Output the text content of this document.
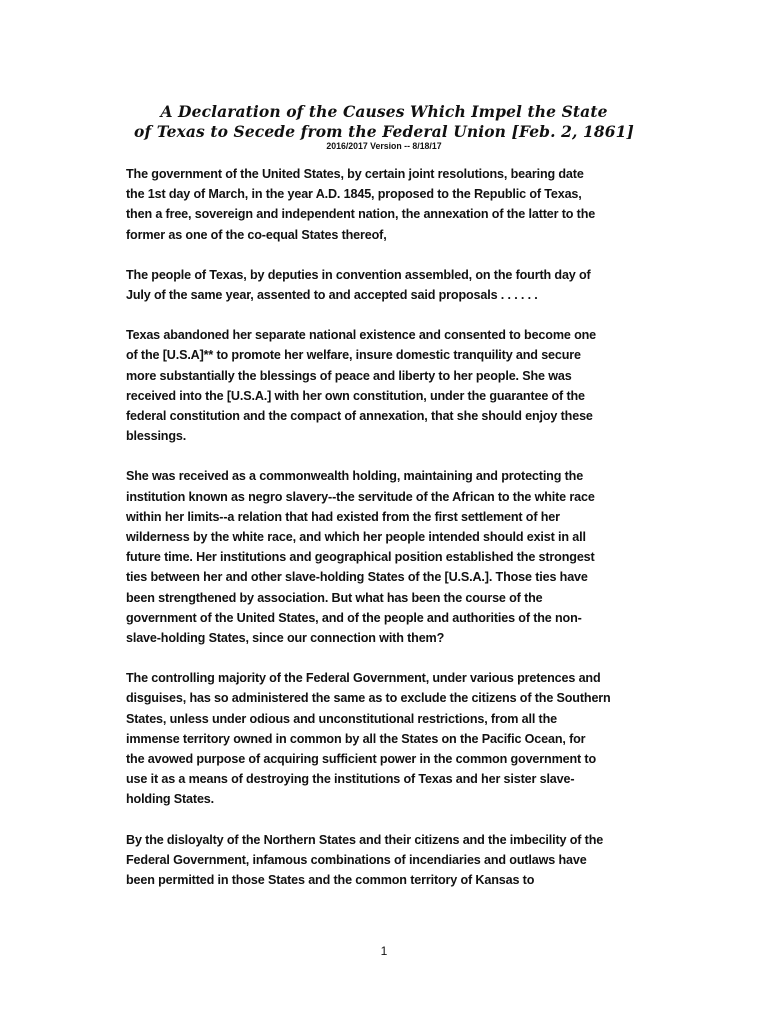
A Declaration of the Causes Which Impel the State
of Texas to Secede from the Federal Union [Feb. 2, 1861]
2016/2017 Version -- 8/18/17
The government of the United States, by certain joint resolutions, bearing date
the 1st day of March, in the year A.D. 1845, proposed to the Republic of Texas,
then a free, sovereign and independent nation, the annexation of the latter to the
former as one of the co-equal States thereof,
The people of Texas, by deputies in convention assembled, on the fourth day of
July of the same year, assented to and accepted said proposals . . . . . .
Texas abandoned her separate national existence and consented to become one
of the [U.S.A]** to promote her welfare, insure domestic tranquility and secure
more substantially the blessings of peace and liberty to her people. She was
received into the [U.S.A.] with her own constitution, under the guarantee of the
federal constitution and the compact of annexation, that she should enjoy these
blessings.
She was received as a commonwealth holding, maintaining and protecting the
institution known as negro slavery--the servitude of the African to the white race
within her limits--a relation that had existed from the first settlement of her
wilderness by the white race, and which her people intended should exist in all
future time. Her institutions and geographical position established the strongest
ties between her and other slave-holding States of the [U.S.A.]. Those ties have
been strengthened by association. But what has been the course of the
government of the United States, and of the people and authorities of the non-
slave-holding States, since our connection with them?
The controlling majority of the Federal Government, under various pretences and
disguises, has so administered the same as to exclude the citizens of the Southern
States, unless under odious and unconstitutional restrictions, from all the
immense territory owned in common by all the States on the Pacific Ocean, for
the avowed purpose of acquiring sufficient power in the common government to
use it as a means of destroying the institutions of Texas and her sister slave-
holding States.
By the disloyalty of the Northern States and their citizens and the imbecility of the
Federal Government, infamous combinations of incendiaries and outlaws have
been permitted in those States and the common territory of Kansas to
1
